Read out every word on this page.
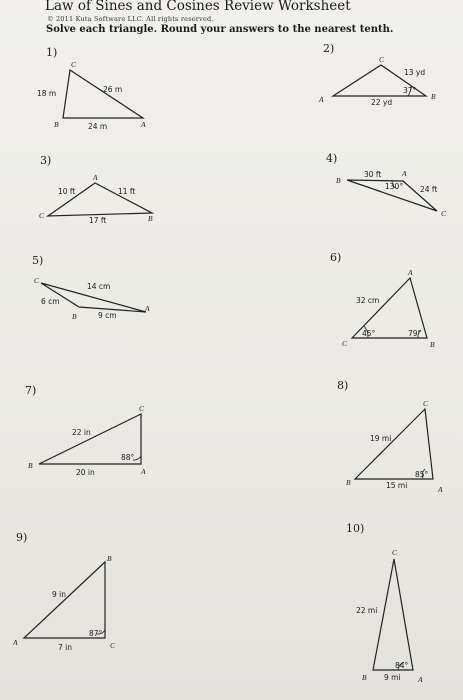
Law of Sines and Cosines Review Worksheet
© 2011 Kuta Software LLC. All rights reserved.
Solve each triangle. Round your answers to the nearest tenth.
1)
C
B	A
18 m	26 m
24 m
2)
C
A	B
13 yd
37°
22 yd
3)
A
C	B
10 ft	11 ft
17 ft
4)
B
A
C
30 ft
130° 24 ft
5)
C
B
A
14 cm
6 cm
9 cm
6)
A
C	B
32 cm
45°	79°
7)
C
B
A
22 in
88°
20 in
8)
C
B
A
19 mi
85°
15 mi
9)
B
A	C
9 in
87°
7 in
10)
C
B	A
22 mi
84°
9 mi
